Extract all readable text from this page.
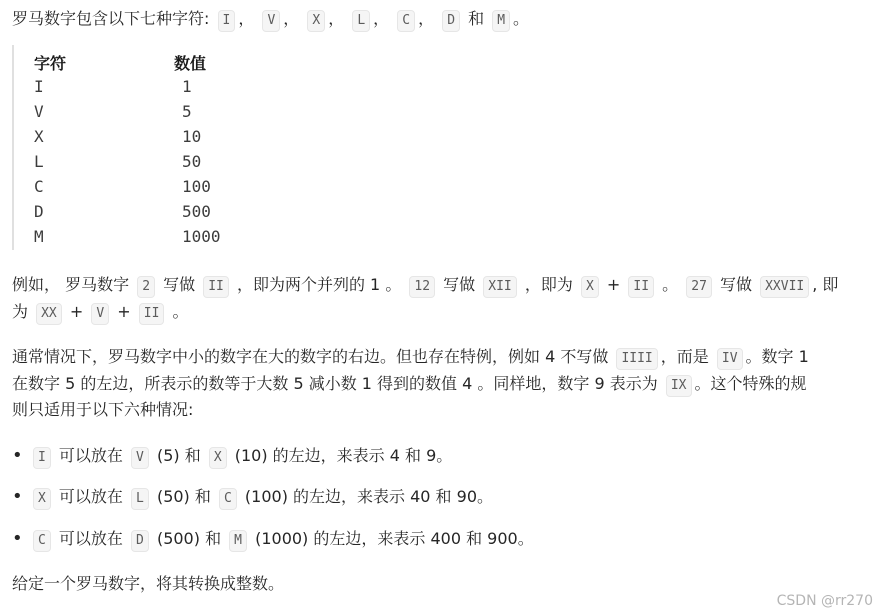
罗马数字包含以下七种字符: I ， V ， X ， L ， C ， D 和 M 。
字符	数值
I	1
V	5
X	10
L	50
C	100
D	500
M	1000
例如， 罗马数字 2 写做 II ，即为两个并列的 1 。 12 写做 XII ，即为 X + II 。 27 写做 XXVII , 即
为 XX + V + II 。
通常情况下，罗马数字中小的数字在大的数字的右边。但也存在特例，例如 4 不写做 IIII ，而是 IV 。数字 1
在数字 5 的左边，所表示的数等于大数 5 减小数 1 得到的数值 4 。同样地，数字 9 表示为 IX 。这个特殊的规
则只适用于以下六种情况:
•	I 可以放在 V (5) 和 X (10) 的左边，来表示 4 和 9。
•	X 可以放在 L (50) 和 C (100) 的左边，来表示 40 和 90。
•	C 可以放在 D (500) 和 M (1000) 的左边，来表示 400 和 900。
给定一个罗马数字，将其转换成整数。
CSDN @rr270
